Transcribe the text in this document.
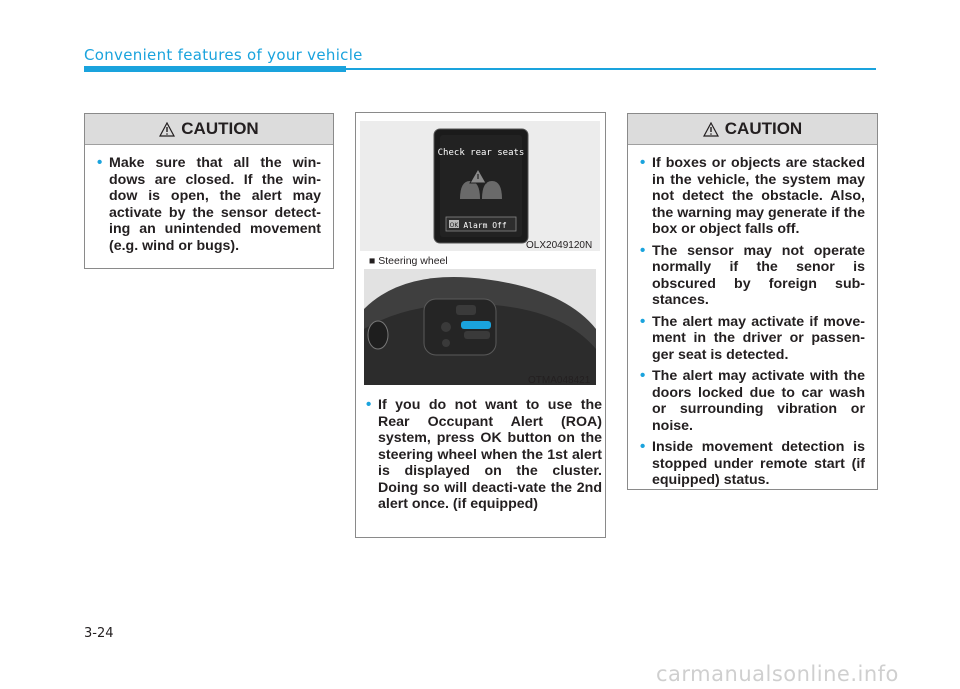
Convenient features of your vehicle
CAUTION
• Make sure that all the win-dows are closed. If the win-dow is open, the alert may activate by the sensor detect-ing an unintended movement (e.g. wind or bugs).
Check rear seats
OK Alarm Off
OLX2049120N
■ Steering wheel
OTMA048421
• If you do not want to use the Rear Occupant Alert (ROA) system, press OK button on the steering wheel when the 1st alert is displayed on the cluster. Doing so will deacti-vate the 2nd alert once. (if equipped)
CAUTION
• If boxes or objects are stacked in the vehicle, the system may not detect the obstacle. Also, the warning may generate if the box or object falls off.
• The sensor may not operate normally if the senor is obscured by foreign sub-stances.
• The alert may activate if move-ment in the driver or passen-ger seat is detected.
• The alert may activate with the doors locked due to car wash or surrounding vibration or noise.
• Inside movement detection is stopped under remote start (if equipped) status.
3-24
carmanualsonline.info
